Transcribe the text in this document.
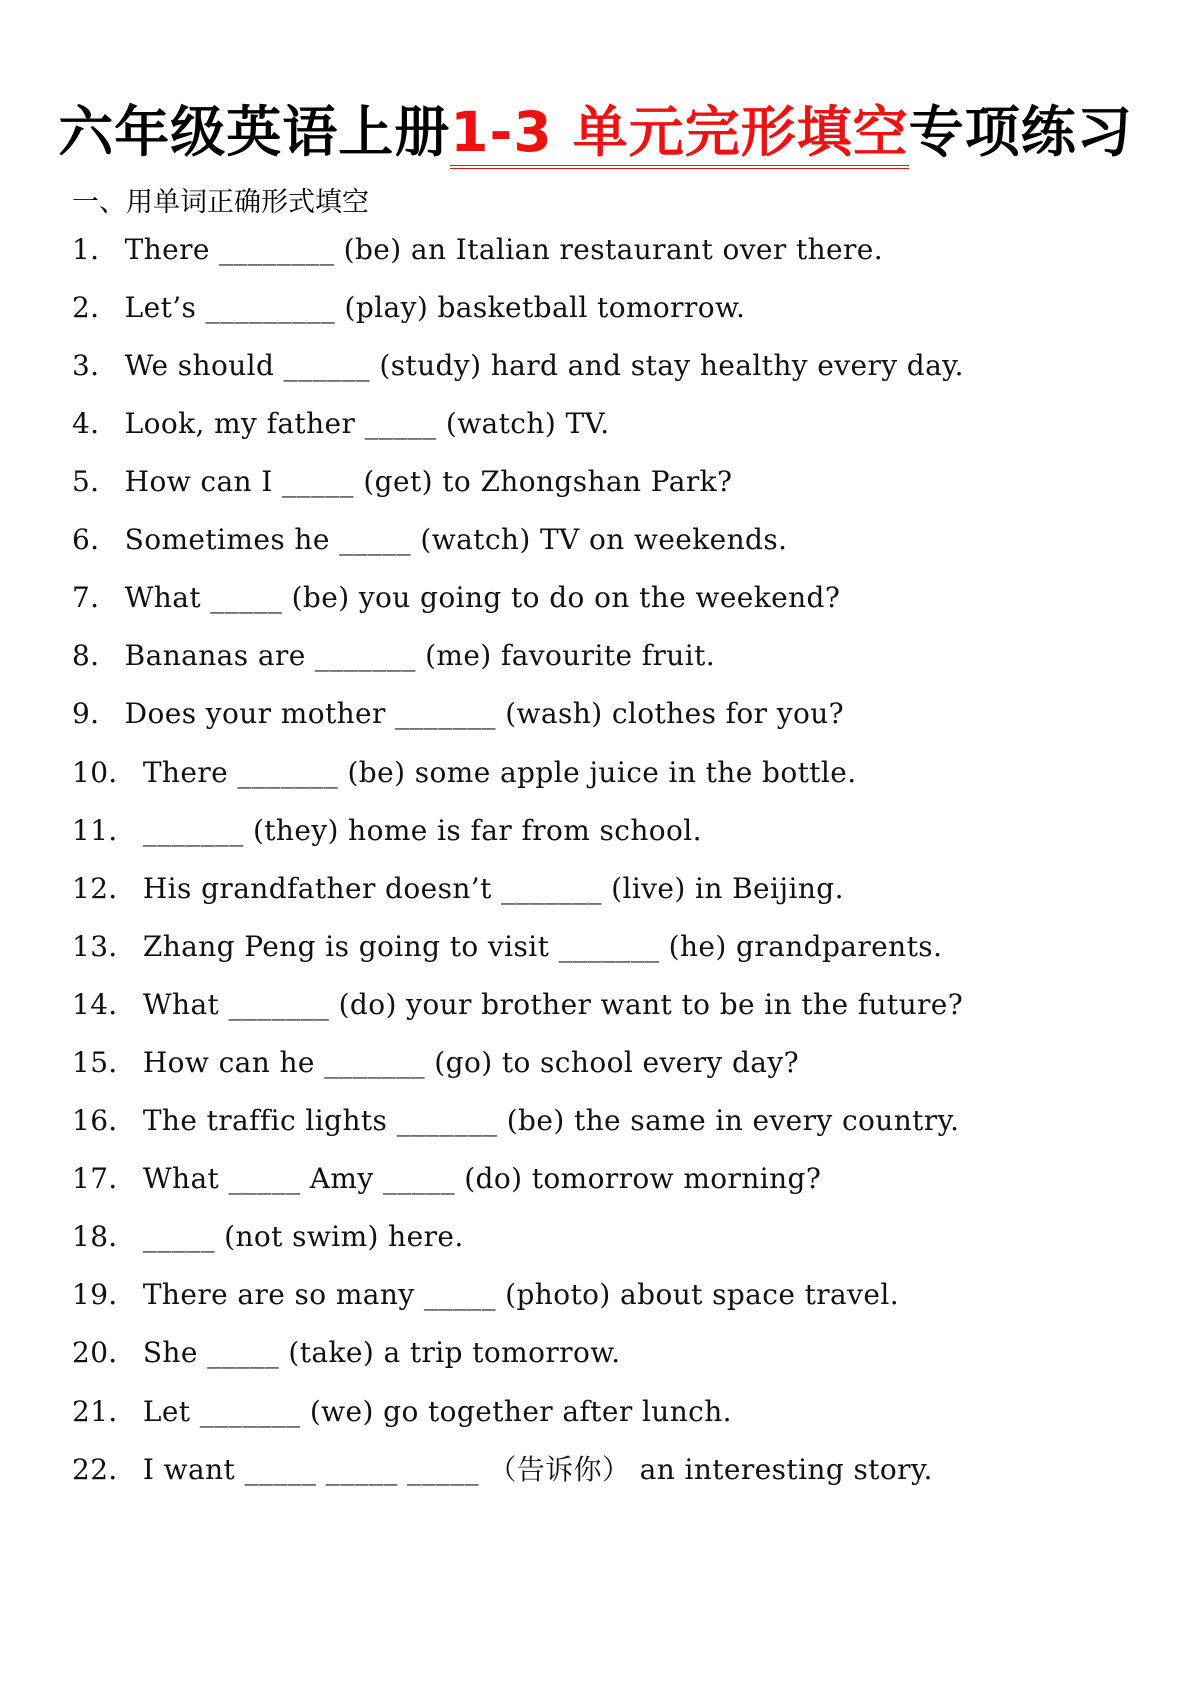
六年级英语上册1-3 单元完形填空专项练习
一、用单词正确形式填空
1． There ________ (be) an Italian restaurant over there.
2． Let’s _________ (play) basketball tomorrow.
3． We should ______ (study) hard and stay healthy every day.
4． Look, my father _____ (watch) TV.
5． How can I _____ (get) to Zhongshan Park?
6． Sometimes he _____ (watch) TV on weekends.
7． What _____ (be) you going to do on the weekend?
8． Bananas are _______ (me) favourite fruit.
9． Does your mother _______ (wash) clothes for you?
10． There _______ (be) some apple juice in the bottle.
11． _______ (they) home is far from school.
12． His grandfather doesn’t _______ (live) in Beijing.
13． Zhang Peng is going to visit _______ (he) grandparents.
14． What _______ (do) your brother want to be in the future?
15． How can he _______ (go) to school every day?
16． The traffic lights _______ (be) the same in every country.
17． What _____ Amy _____ (do) tomorrow morning?
18． _____ (not swim) here.
19． There are so many _____ (photo) about space travel.
20． She _____ (take) a trip tomorrow.
21． Let _______ (we) go together after lunch.
22． I want _____ _____ _____ （告诉你） an interesting story.
